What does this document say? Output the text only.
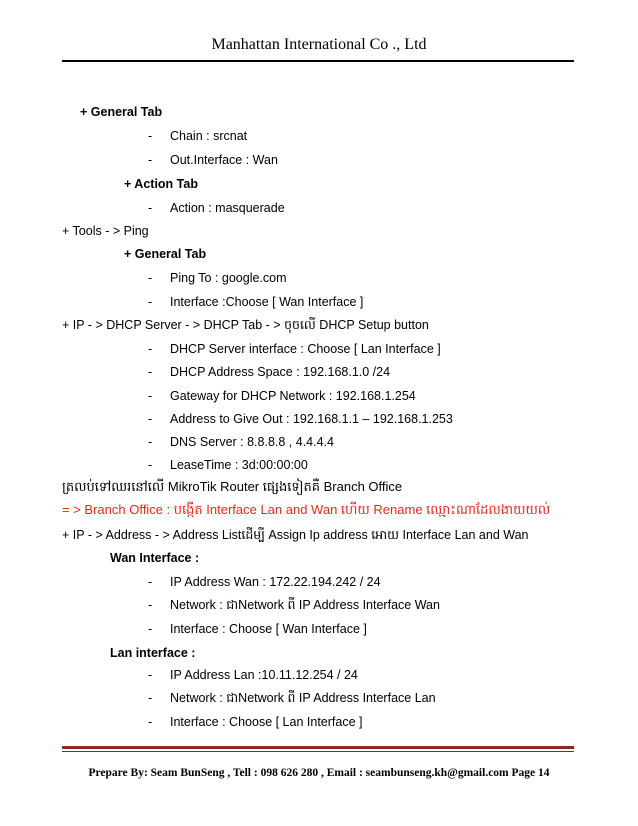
Manhattan International Co ., Ltd
+ General Tab
- Chain : srcnat
- Out.Interface : Wan
+ Action Tab
- Action : masquerade
+ Tools - > Ping
+ General Tab
- Ping To : google.com
- Interface :Choose [ Wan Interface ]
+ IP - > DHCP Server - > DHCP Tab - > ចុចលើ DHCP Setup button
- DHCP Server interface : Choose [ Lan Interface ]
- DHCP Address Space : 192.168.1.0 /24
- Gateway for DHCP Network : 192.168.1.254
- Address to Give Out : 192.168.1.1 – 192.168.1.253
- DNS Server : 8.8.8.8 , 4.4.4.4
- LeaseTime : 3d:00:00:00
ត្រលប់ទៅឈរនៅលើ MikroTik Router ផ្សេងទៀតគឺ Branch Office
= > Branch Office : បង្កើត Interface Lan and Wan ហើយ Rename ឈ្មោះណាដែលងាយយល់
+ IP - > Address - > Address Listដើម្បី Assign Ip address អោយ Interface Lan and Wan
Wan Interface :
- IP Address Wan : 172.22.194.242 / 24
- Network : ជាNetwork ពី IP Address Interface Wan
- Interface : Choose [ Wan Interface ]
Lan interface :
- IP Address Lan :10.11.12.254 / 24
- Network : ជាNetwork ពី IP Address Interface Lan
- Interface : Choose [ Lan Interface ]
Prepare By: Seam BunSeng , Tell : 098 626 280 , Email : seambunseng.kh@gmail.com Page 14
